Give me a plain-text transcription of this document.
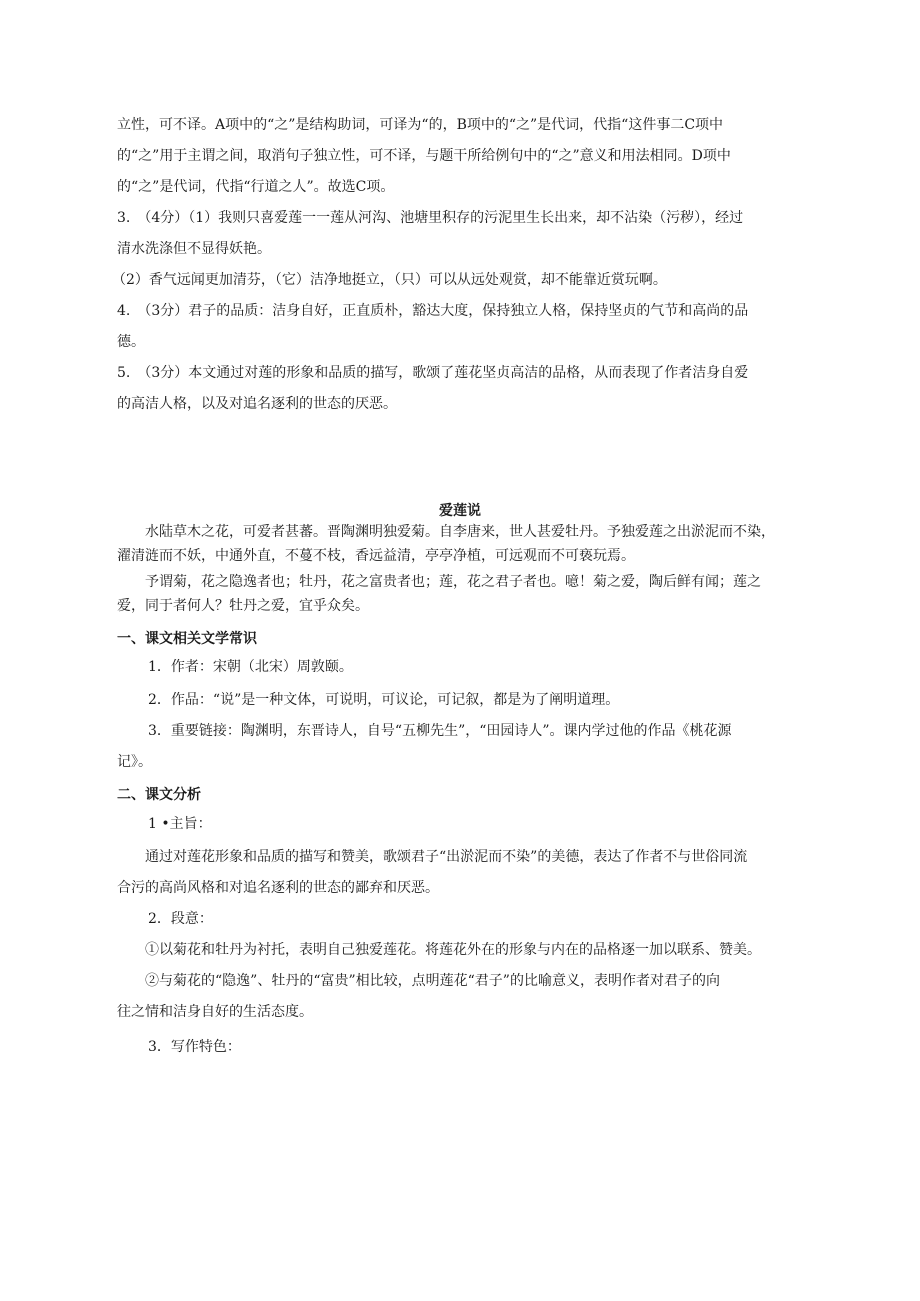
立性，可不译。A项中的“之”是结构助词，可译为“的，B项中的“之”是代词，代指“这件事二C项中
的“之”用于主谓之间，取消句子独立性，可不译，与题干所给例句中的“之”意义和用法相同。D项中
的“之”是代词，代指“行道之人”。故选C项。
3.　（4分）（1）我则只喜爱莲一一莲从河沟、池塘里积存的污泥里生长出来，却不沾染（污秽），经过
清水洗涤但不显得妖艳。
（2）香气远闻更加清芬，（它）洁净地挺立，（只）可以从远处观赏，却不能靠近赏玩啊。
4.　（3分）君子的品质：洁身自好，正直质朴，豁达大度，保持独立人格，保持坚贞的气节和高尚的品
德。
5.　（3分）本文通过对莲的形象和品质的描写，歌颂了莲花坚贞高洁的品格，从而表现了作者洁身自爱
的高洁人格，以及对追名逐利的世态的厌恶。
爱莲说
水陆草木之花，可爱者甚蕃。晋陶渊明独爱菊。自李唐来，世人甚爱牡丹。予独爱莲之出淤泥而不染，
濯清涟而不妖，中通外直，不蔓不枝，香远益清，亭亭净植，可远观而不可亵玩焉。
予谓菊，花之隐逸者也；牡丹，花之富贵者也；莲，花之君子者也。噫！菊之爱，陶后鲜有闻；莲之
爱，同于者何人？牡丹之爱，宜乎众矣。
一、课文相关文学常识
1．作者：宋朝（北宋）周敦颐。
2．作品：“说”是一种文体，可说明，可议论，可记叙，都是为了阐明道理。
3．重要链接：陶渊明，东晋诗人，自号“五柳先生”，“田园诗人”。课内学过他的作品《桃花源
记》。
二、课文分析
1 •主旨：
通过对莲花形象和品质的描写和赞美，歌颂君子“出淤泥而不染”的美德，表达了作者不与世俗同流
合污的高尚风格和对追名逐利的世态的鄙弃和厌恶。
2．段意：
①以菊花和牡丹为衬托，表明自己独爱莲花。将莲花外在的形象与内在的品格逐一加以联系、赞美。
②与菊花的“隐逸”、牡丹的“富贵”相比较，点明莲花“君子”的比喻意义，表明作者对君子的向
往之情和洁身自好的生活态度。
3．写作特色：
